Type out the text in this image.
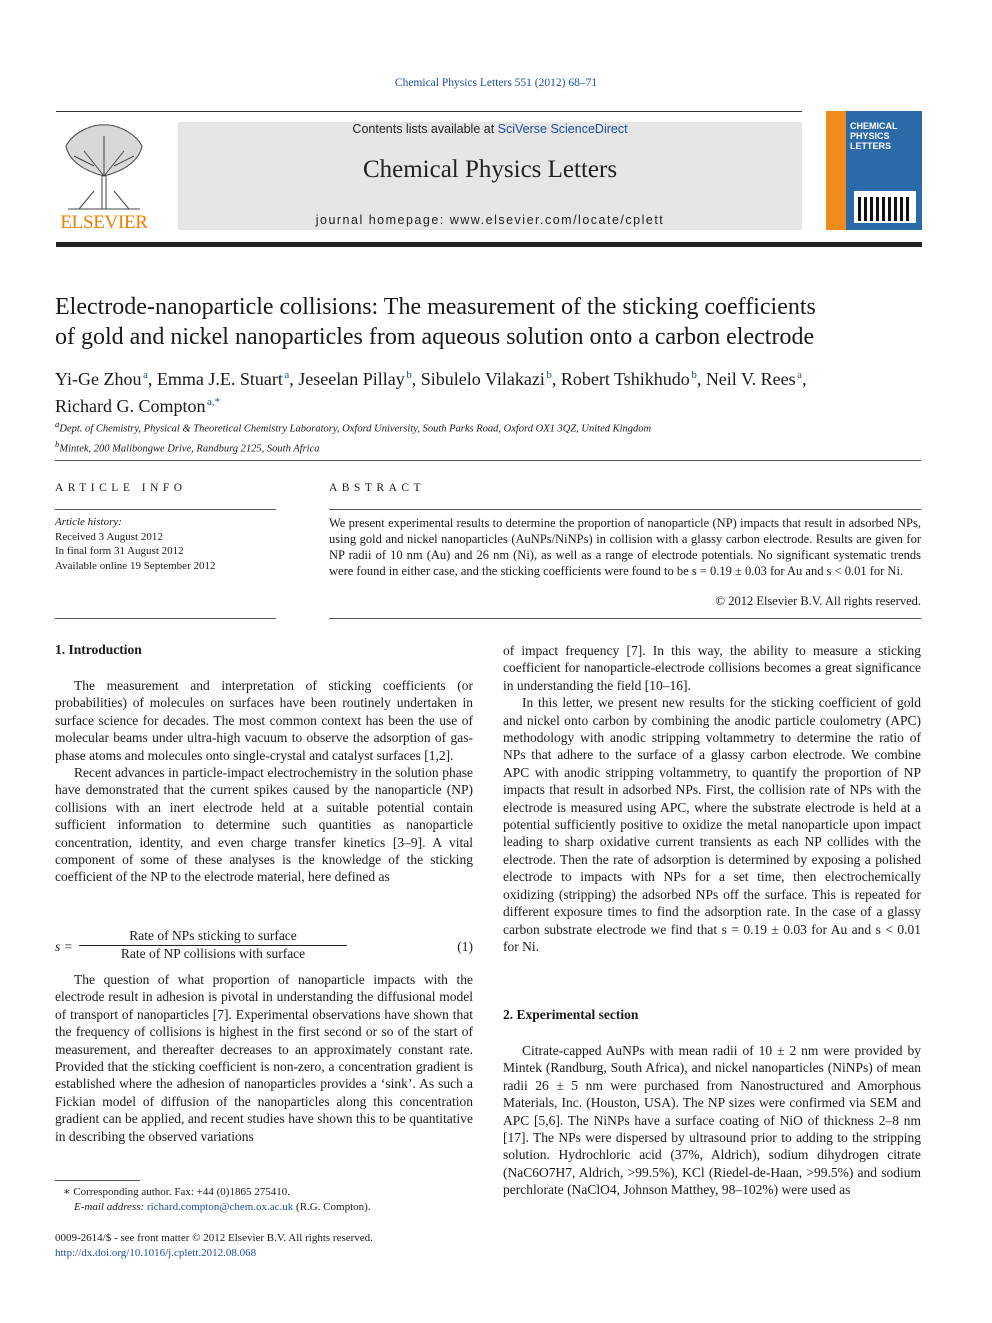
Chemical Physics Letters 551 (2012) 68–71
ELSEVIER
Contents lists available at SciVerse ScienceDirect
Chemical Physics Letters
journal homepage: www.elsevier.com/locate/cplett
CHEMICAL
PHYSICS
LETTERS
Electrode-nanoparticle collisions: The measurement of the sticking coefficients
of gold and nickel nanoparticles from aqueous solution onto a carbon electrode
Yi-Ge Zhou  $^a$, Emma J.E. Stuart  $^a$, Jeseelan Pillay  $^b$, Sibulelo Vilakazi  $^b$, Robert Tshikhudo  $^b$, Neil V. Rees  $^a$,
Richard G. Compton  $^{a,*}$
$^a$Dept. of Chemistry, Physical & Theoretical Chemistry Laboratory, Oxford University, South Parks Road, Oxford OX1 3QZ, United Kingdom
$^b$Mintek, 200 Malibongwe Drive, Randburg 2125, South Africa
ARTICLE INFO
Article history:
Received 3 August 2012
In final form 31 August 2012
Available online 19 September 2012
ABSTRACT
We present experimental results to determine the proportion of nanoparticle (NP) impacts that result in adsorbed NPs, using gold and nickel nanoparticles (AuNPs/NiNPs) in collision with a glassy carbon electrode. Results are given for NP radii of 10 nm (Au) and 26 nm (Ni), as well as a range of electrode potentials. No significant systematic trends were found in either case, and the sticking coefficients were found to be s = 0.19 ± 0.03 for Au and s < 0.01 for Ni.
© 2012 Elsevier B.V. All rights reserved.
1. Introduction

The measurement and interpretation of sticking coefficients (or probabilities) of molecules on surfaces have been routinely undertaken in surface science for decades. The most common context has been the use of molecular beams under ultra-high vacuum to observe the adsorption of gas-phase atoms and molecules onto single-crystal and catalyst surfaces [1,2].

Recent advances in particle-impact electrochemistry in the solution phase have demonstrated that the current spikes caused by the nanoparticle (NP) collisions with an inert electrode held at a suitable potential contain sufficient information to determine such quantities as nanoparticle concentration, identity, and even charge transfer kinetics [3–9]. A vital component of some of these analyses is the knowledge of the sticking coefficient of the NP to the electrode material, here defined as

s =
Rate of NPs sticking to surface
Rate of NP collisions with surface	(1)

The question of what proportion of nanoparticle impacts with the electrode result in adhesion is pivotal in understanding the diffusional model of transport of nanoparticles [7]. Experimental observations have shown that the frequency of collisions is highest in the first second or so of the start of measurement, and thereafter decreases to an approximately constant rate. Provided that the sticking coefficient is non-zero, a concentration gradient is established where the adhesion of nanoparticles provides a ‘sink’. As such a Fickian model of diffusion of the nanoparticles along this concentration gradient can be applied, and recent studies have shown this to be quantitative in describing the observed variations

∗ Corresponding author. Fax: +44 (0)1865 275410.
E-mail address: richard.compton@chem.ox.ac.uk (R.G. Compton).
0009-2614/$ - see front matter © 2012 Elsevier B.V. All rights reserved.
http://dx.doi.org/10.1016/j.cplett.2012.08.068

of impact frequency [7]. In this way, the ability to measure a sticking coefficient for nanoparticle-electrode collisions becomes a great significance in understanding the field [10–16].

In this letter, we present new results for the sticking coefficient of gold and nickel onto carbon by combining the anodic particle coulometry (APC) methodology with anodic stripping voltammetry to determine the ratio of NPs that adhere to the surface of a glassy carbon electrode. We combine APC with anodic stripping voltammetry, to quantify the proportion of NP impacts that result in adsorbed NPs. First, the collision rate of NPs with the electrode is measured using APC, where the substrate electrode is held at a potential sufficiently positive to oxidize the metal nanoparticle upon impact leading to sharp oxidative current transients as each NP collides with the electrode. Then the rate of adsorption is determined by exposing a polished electrode to impacts with NPs for a set time, then electrochemically oxidizing (stripping) the adsorbed NPs off the surface. This is repeated for different exposure times to find the adsorption rate. In the case of a glassy carbon substrate electrode we find that s = 0.19 ± 0.03 for Au and s < 0.01 for Ni.

2. Experimental section

Citrate-capped AuNPs with mean radii of 10 ± 2 nm were provided by Mintek (Randburg, South Africa), and nickel nanoparticles (NiNPs) of mean radii 26 ± 5 nm were purchased from Nanostructured and Amorphous Materials, Inc. (Houston, USA). The NP sizes were confirmed via SEM and APC [5,6]. The NiNPs have a surface coating of NiO of thickness 2–8 nm [17]. The NPs were dispersed by ultrasound prior to adding to the stripping solution. Hydrochloric acid (37%, Aldrich), sodium dihydrogen citrate (NaC6O7H7, Aldrich, >99.5%), KCl (Riedel-de-Haan, >99.5%) and sodium perchlorate (NaClO4, Johnson Matthey, 98–102%) were used as
